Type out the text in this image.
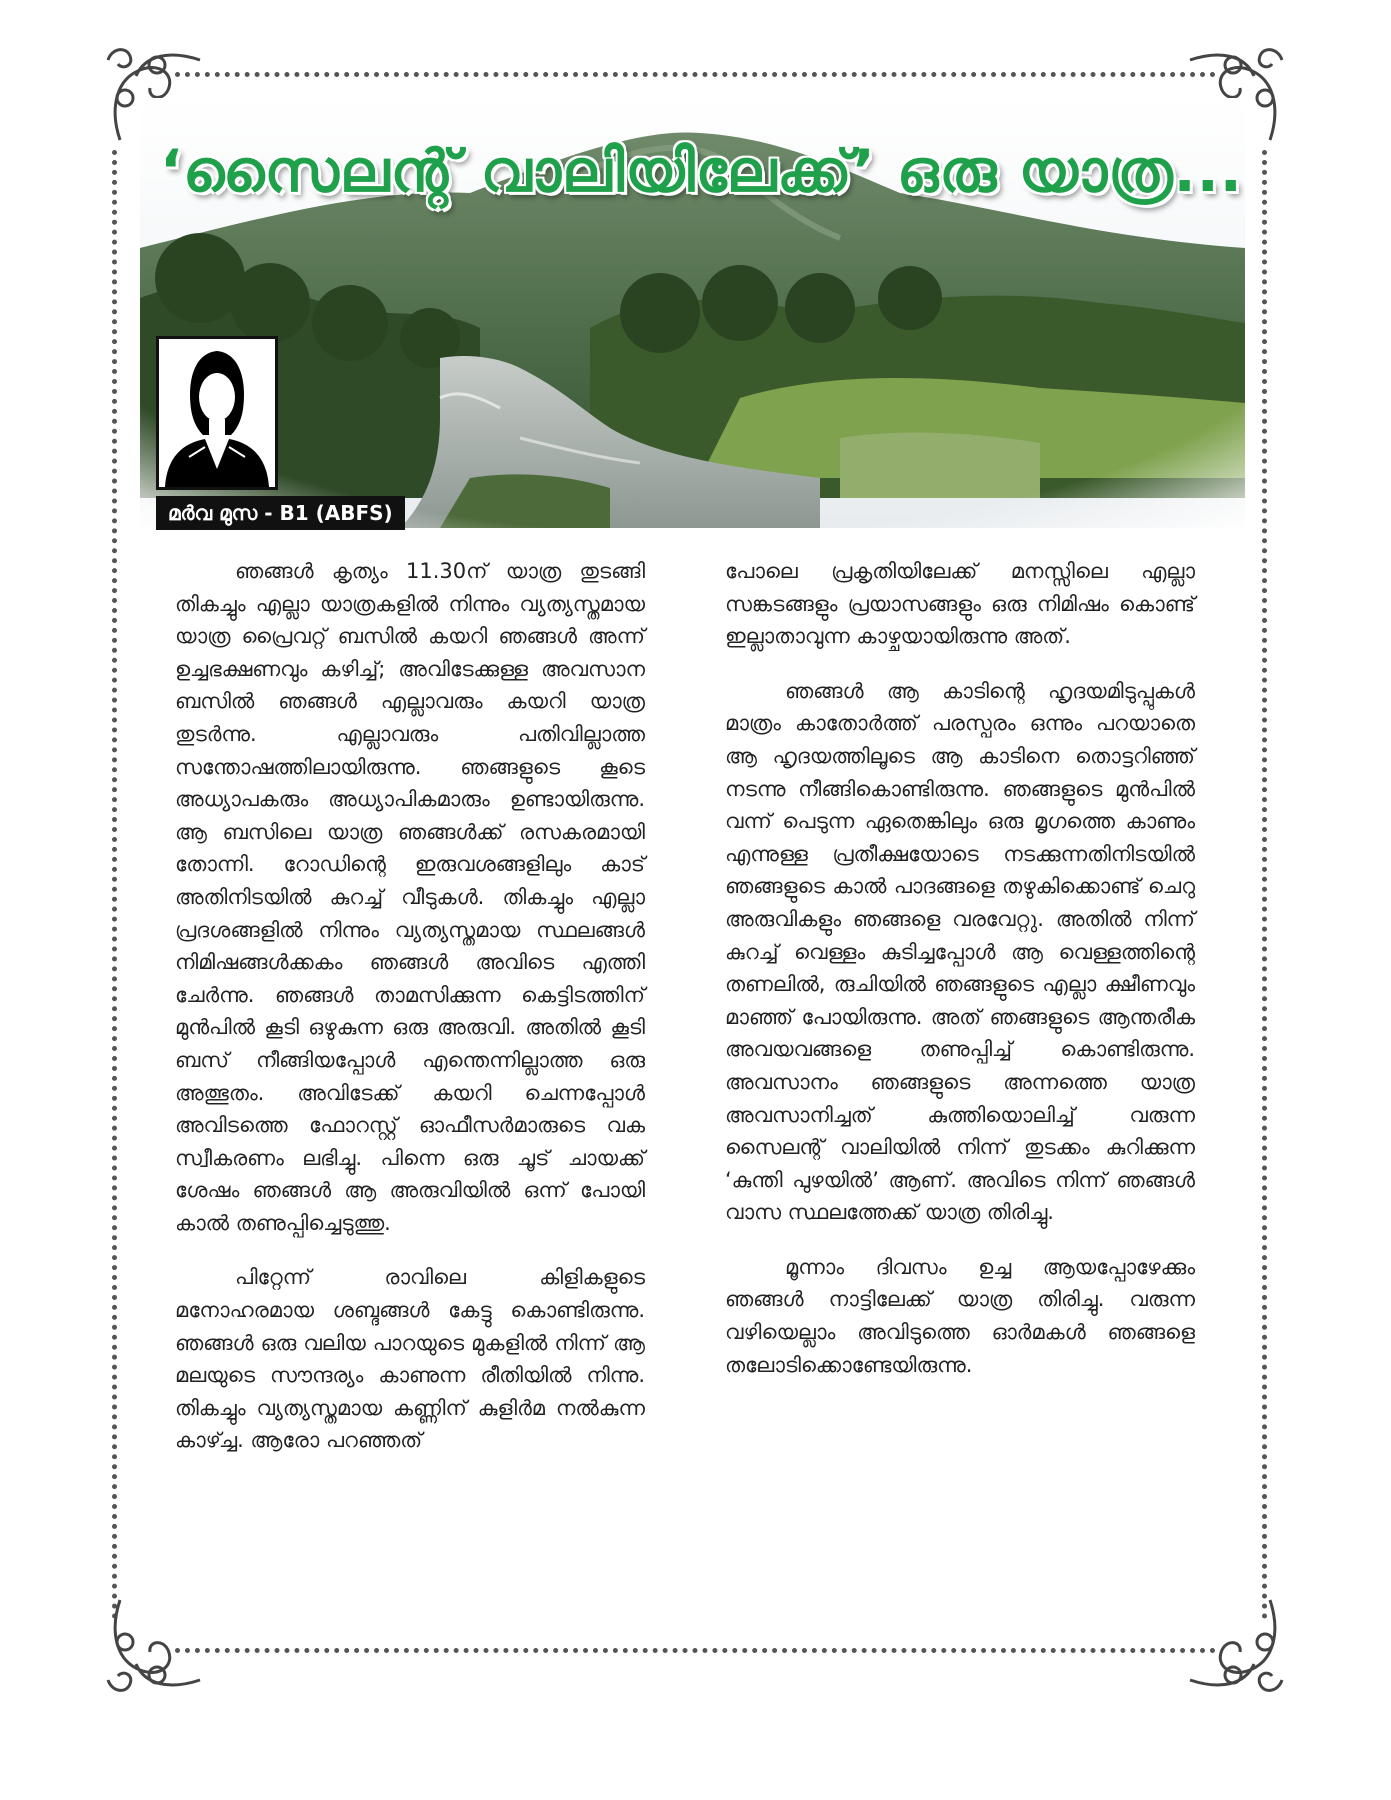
‘സൈലന്റ് വാലിയിലേക്ക്’ ഒരു യാത്ര...
മർവ മുസ - B1 (ABFS)

ഞങ്ങൾ കൃത്യം 11.30ന് യാത്ര തുടങ്ങി തികച്ചും എല്ലാ യാത്രകളിൽ നിന്നും വ്യത്യസ്തമായ യാത്ര പ്രൈവറ്റ് ബസിൽ കയറി ഞങ്ങൾ അന്ന് ഉച്ചഭക്ഷണവും കഴിച്ച്; അവിടേക്കുള്ള അവസാന ബസിൽ ഞങ്ങൾ എല്ലാവരും കയറി യാത്ര തുടർന്നു. എല്ലാവരും പതിവില്ലാത്ത സന്തോഷത്തിലായിരുന്നു. ഞങ്ങളുടെ കൂടെ അധ്യാപകരും അധ്യാപികമാരും ഉണ്ടായിരുന്നു. ആ ബസിലെ യാത്ര ഞങ്ങൾക്ക് രസകരമായി തോന്നി. റോഡിന്റെ ഇരുവശങ്ങളിലും കാട് അതിനിടയിൽ കുറച്ച് വീടുകൾ. തികച്ചും എല്ലാ പ്രദശങ്ങളിൽ നിന്നും വ്യത്യസ്തമായ സ്ഥലങ്ങൾ നിമിഷങ്ങൾക്കകം ഞങ്ങൾ അവിടെ എത്തി ചേർന്നു. ഞങ്ങൾ താമസിക്കുന്ന കെട്ടിടത്തിന് മുൻപിൽ കൂടി ഒഴുകുന്ന ഒരു അരുവി. അതിൽ കൂടി ബസ് നീങ്ങിയപ്പോൾ എന്തെന്നില്ലാത്ത ഒരു അത്ഭുതം. അവിടേക്ക് കയറി ചെന്നപ്പോൾ അവിടത്തെ ഫോറസ്റ്റ് ഓഫീസർമാരുടെ വക സ്വീകരണം ലഭിച്ചു. പിന്നെ ഒരു ചൂട് ചായക്ക് ശേഷം ഞങ്ങൾ ആ അരുവിയിൽ ഒന്ന് പോയി കാൽ തണുപ്പിച്ചെടുത്തു.

പിറ്റേന്ന് രാവിലെ കിളികളുടെ മനോഹരമായ ശബ്ദങ്ങൾ കേട്ടു കൊണ്ടിരുന്നു. ഞങ്ങൾ ഒരു വലിയ പാറയുടെ മുകളിൽ നിന്ന് ആ മലയുടെ സൗന്ദര്യം കാണുന്ന രീതിയിൽ നിന്നു. തികച്ചും വ്യത്യസ്തമായ കണ്ണിന് കുളിർമ നൽകുന്ന കാഴ്ച്ച. ആരോ പറഞ്ഞത്

പോലെ പ്രകൃതിയിലേക്ക് മനസ്സിലെ എല്ലാ സങ്കടങ്ങളും പ്രയാസങ്ങളും ഒരു നിമിഷം കൊണ്ട് ഇല്ലാതാവുന്ന കാഴ്ചയായിരുന്നു അത്.

ഞങ്ങൾ ആ കാടിന്റെ ഹൃദയമിടുപ്പുകൾ മാത്രം കാതോർത്ത് പരസ്പരം ഒന്നും പറയാതെ ആ ഹൃദയത്തിലൂടെ ആ കാടിനെ തൊട്ടറിഞ്ഞ് നടന്നു നീങ്ങികൊണ്ടിരുന്നു. ഞങ്ങളുടെ മുൻപിൽ വന്ന് പെടുന്ന ഏതെങ്കിലും ഒരു മൃഗത്തെ കാണും എന്നുള്ള പ്രതീക്ഷയോടെ നടക്കുന്നതിനിടയിൽ ഞങ്ങളുടെ കാൽ പാദങ്ങളെ തഴുകിക്കൊണ്ട് ചെറു അരുവികളും ഞങ്ങളെ വരവേറ്റു. അതിൽ നിന്ന് കുറച്ച് വെള്ളം കുടിച്ചപ്പോൾ ആ വെള്ളത്തിന്റെ തണലിൽ, രുചിയിൽ ഞങ്ങളുടെ എല്ലാ ക്ഷീണവും മാഞ്ഞ് പോയിരുന്നു. അത് ഞങ്ങളുടെ ആന്തരീക അവയവങ്ങളെ തണുപ്പിച്ച് കൊണ്ടിരുന്നു. അവസാനം ഞങ്ങളുടെ അന്നത്തെ യാത്ര അവസാനിച്ചത് കുത്തിയൊലിച്ച് വരുന്ന സൈലന്റ് വാലിയിൽ നിന്ന് തുടക്കം കുറിക്കുന്ന ‘കുന്തി പുഴയിൽ’ ആണ്. അവിടെ നിന്ന് ഞങ്ങൾ വാസ സ്ഥലത്തേക്ക് യാത്ര തിരിച്ചു.

മൂന്നാം ദിവസം ഉച്ച ആയപ്പോഴേക്കും ഞങ്ങൾ നാട്ടിലേക്ക് യാത്ര തിരിച്ചു. വരുന്ന വഴിയെല്ലാം അവിടുത്തെ ഓർമകൾ ഞങ്ങളെ തലോടിക്കൊണ്ടേയിരുന്നു.
